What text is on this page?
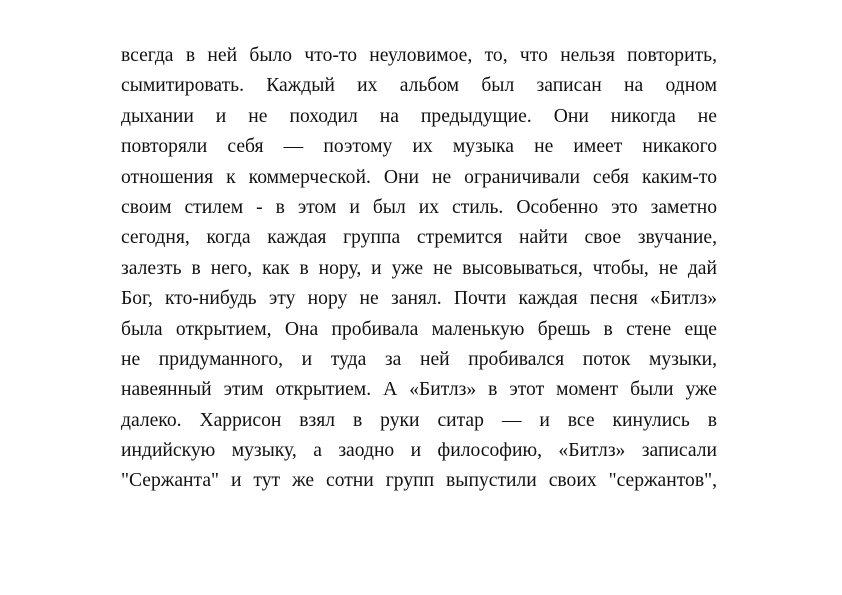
всегда в ней было что-то неуловимое, то, что нельзя повторить,
сымитировать. Каждый их альбом был записан на одном
дыхании и не походил на предыдущие. Они никогда не
повторяли себя — поэтому их музыка не имеет никакого
отношения к коммерческой. Они не ограничивали себя каким-то
своим стилем - в этом и был их стиль. Особенно это заметно
сегодня, когда каждая группа стремится найти свое звучание,
залезть в него, как в нору, и уже не высовываться, чтобы, не дай
Бог, кто-нибудь эту нору не занял. Почти каждая песня «Битлз»
была открытием, Она пробивала маленькую брешь в стене еще
не придуманного, и туда за ней пробивался поток музыки,
навеянный этим открытием. А «Битлз» в этот момент были уже
далеко. Харрисон взял в руки ситар — и все кинулись в
индийскую музыку, а заодно и философию, «Битлз» записали
"Сержанта" и тут же сотни групп выпустили своих "сержантов",
